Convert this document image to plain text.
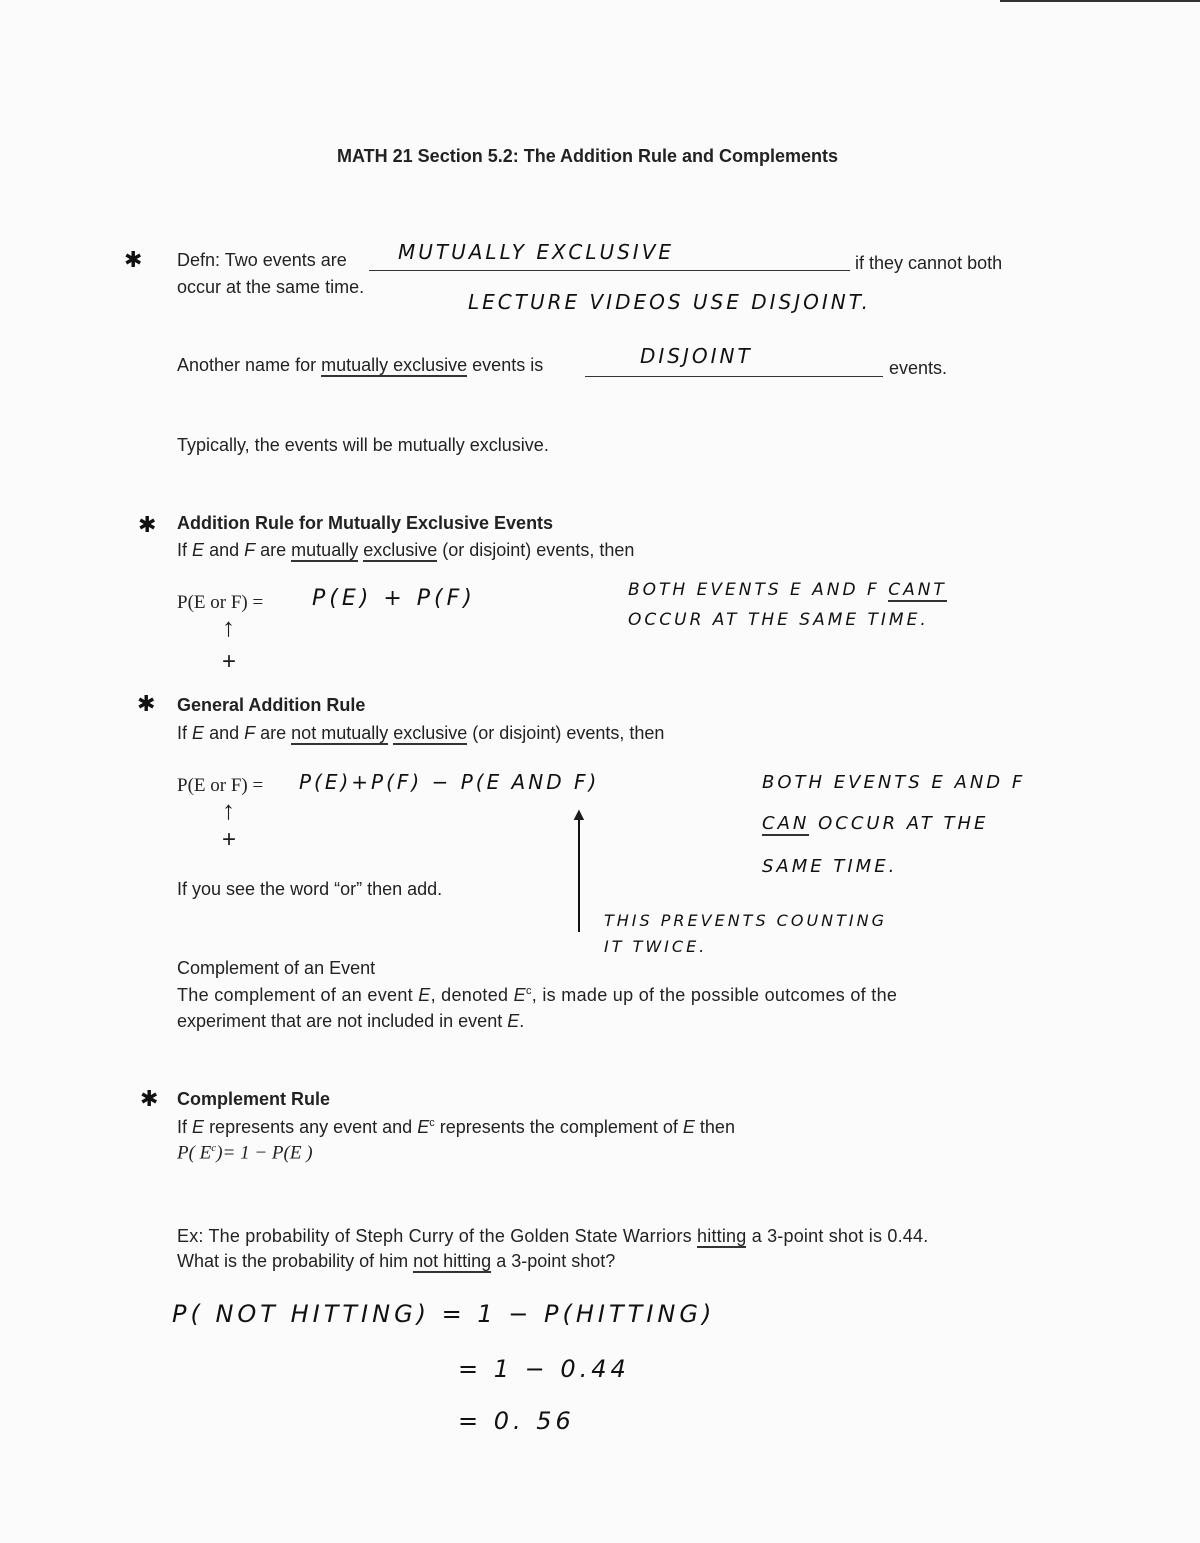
MATH 21 Section 5.2: The Addition Rule and Complements
✱ Defn: Two events are	MUTUALLY EXCLUSIVE	if they cannot both
occur at the same time.
LECTURE VIDEOS USE DISJOINT.
Another name for mutually exclusive events is	DISJOINT	events.
Typically, the events will be mutually exclusive.
✱ Addition Rule for Mutually Exclusive Events
If E and F are mutually exclusive (or disjoint) events, then
P(E or F) = P(E) + P(F)
↑
+
BOTH EVENTS E AND F CANT
OCCUR AT THE SAME TIME.
✱ General Addition Rule
If E and F are not mutually exclusive (or disjoint) events, then
P(E or F) = P(E)+P(F) − P(E AND F)
↑
+
▲
BOTH EVENTS E AND F
CAN OCCUR AT THE
SAME TIME.
If you see the word “or” then add.
THIS PREVENTS COUNTING
IT TWICE.
Complement of an Event
The complement of an event E, denoted $E^c$, is made up of the possible outcomes of the
experiment that are not included in event E.
✱ Complement Rule
If E represents any event and $E^c$ represents the complement of E then
P( $E^c)= 1 - P(E$ )
Ex: The probability of Steph Curry of the Golden State Warriors hitting a 3-point shot is 0.44.
What is the probability of him not hitting a 3-point shot?
P( NOT HITTING) = 1 − P(HITTING)
= 1 − 0.44
= 0. 56
